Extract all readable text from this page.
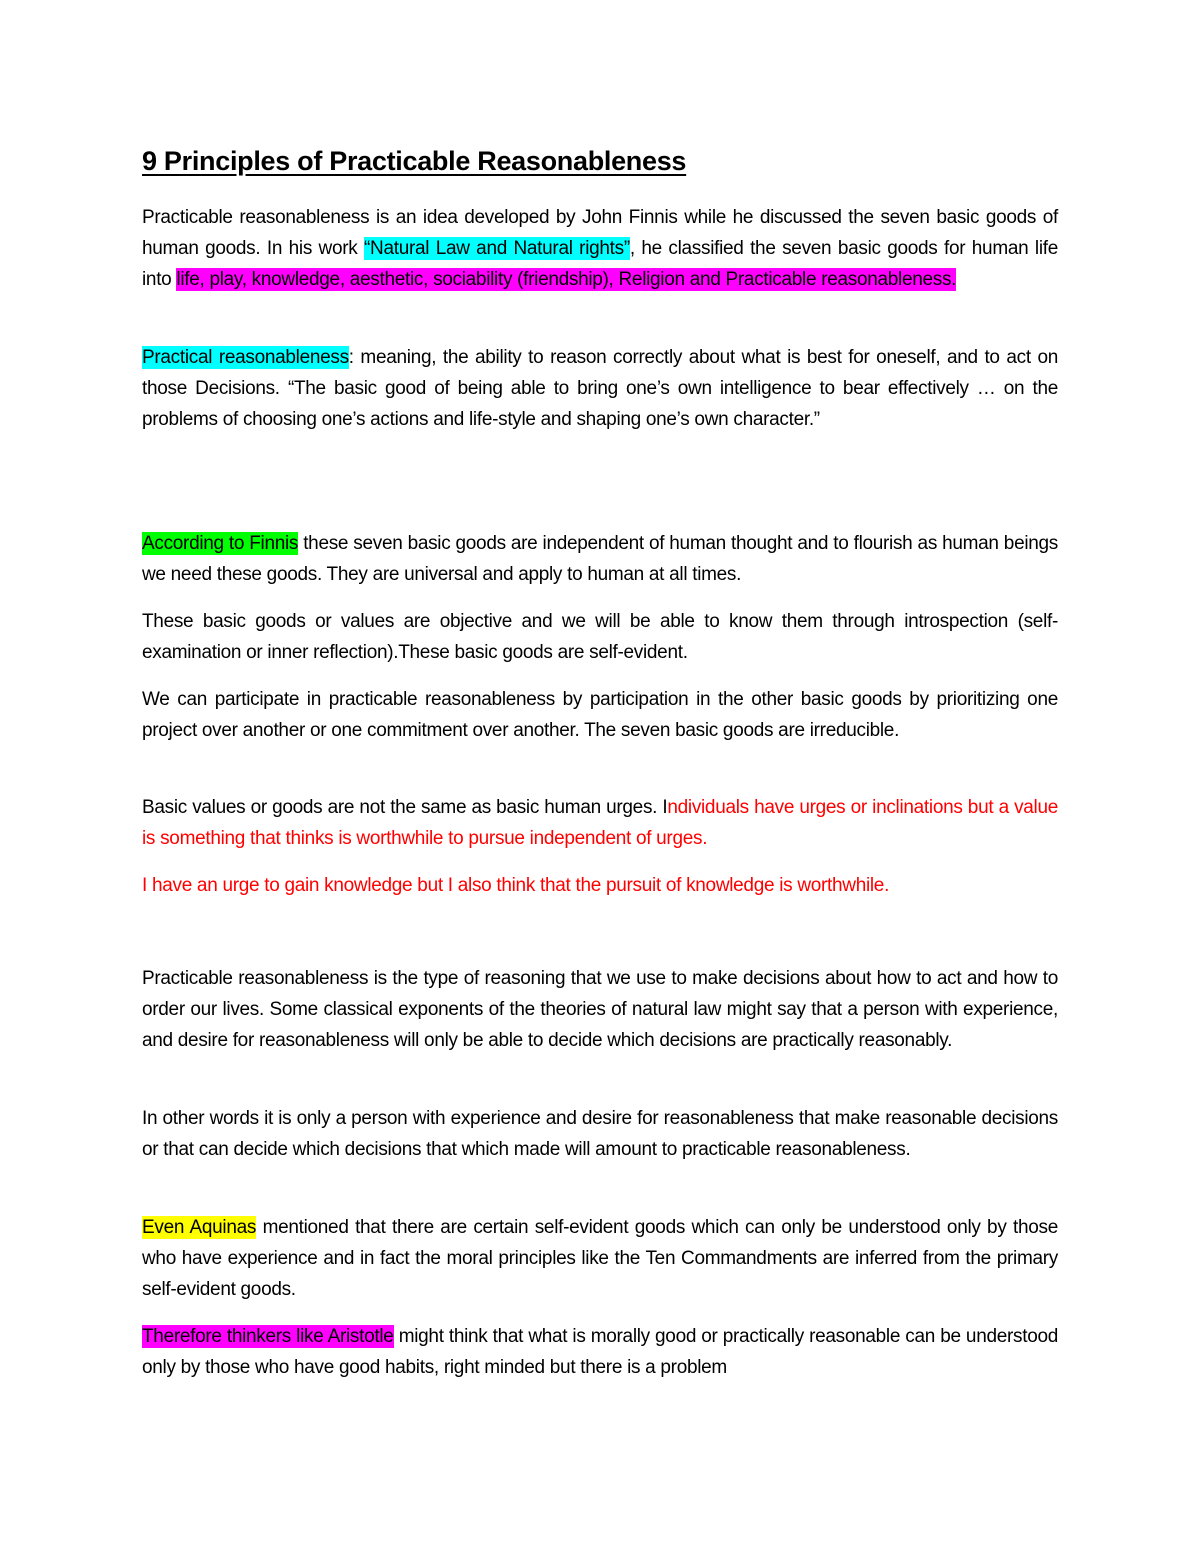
9 Principles of Practicable Reasonableness

Practicable reasonableness is an idea developed by John Finnis while he discussed the seven basic goods of human goods. In his work “Natural Law and Natural rights”, he classified the seven basic goods for human life into life, play, knowledge, aesthetic, sociability (friendship), Religion and Practicable reasonableness.

Practical reasonableness: meaning, the ability to reason correctly about what is best for oneself, and to act on those Decisions. “The basic good of being able to bring one’s own intelligence to bear effectively … on the problems of choosing one’s actions and life-style and shaping one’s own character.”

According to Finnis these seven basic goods are independent of human thought and to flourish as human beings we need these goods. They are universal and apply to human at all times.

These basic goods or values are objective and we will be able to know them through introspection (self-examination or inner reflection).These basic goods are self-evident.

We can participate in practicable reasonableness by participation in the other basic goods by prioritizing one project over another or one commitment over another. The seven basic goods are irreducible.

Basic values or goods are not the same as basic human urges. Individuals have urges or inclinations but a value is something that thinks is worthwhile to pursue independent of urges.

I have an urge to gain knowledge but I also think that the pursuit of knowledge is worthwhile.

Practicable reasonableness is the type of reasoning that we use to make decisions about how to act and how to order our lives. Some classical exponents of the theories of natural law might say that a person with experience, and desire for reasonableness will only be able to decide which decisions are practically reasonably.

In other words it is only a person with experience and desire for reasonableness that make reasonable decisions or that can decide which decisions that which made will amount to practicable reasonableness.

Even Aquinas mentioned that there are certain self-evident goods which can only be understood only by those who have experience and in fact the moral principles like the Ten Commandments are inferred from the primary self-evident goods.

Therefore thinkers like Aristotle might think that what is morally good or practically reasonable can be understood only by those who have good habits, right minded but there is a problem
